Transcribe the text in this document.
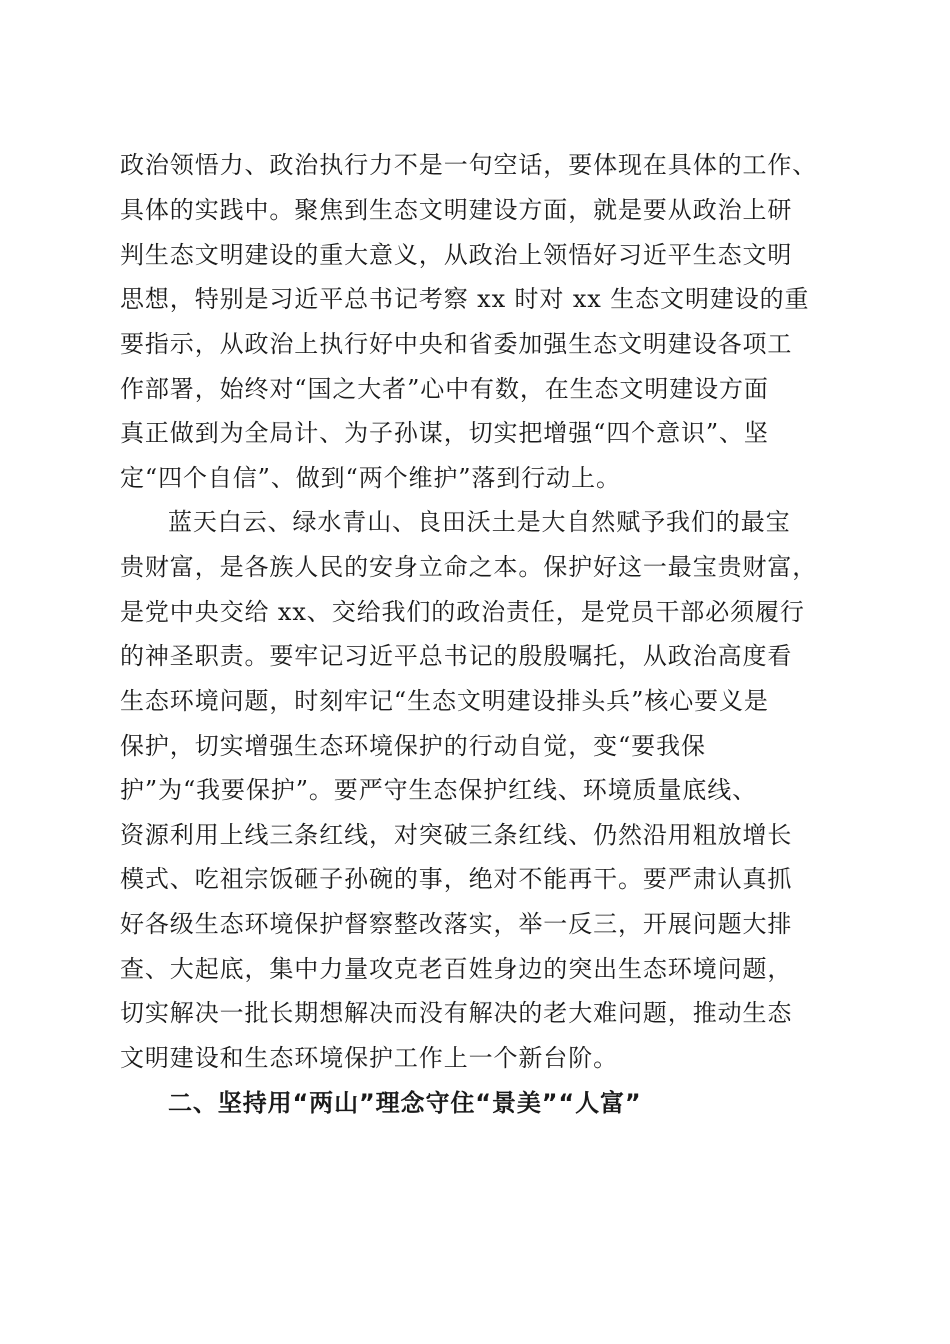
政治领悟力、政治执行力不是一句空话，要体现在具体的工作、
具体的实践中。聚焦到生态文明建设方面，就是要从政治上研
判生态文明建设的重大意义，从政治上领悟好习近平生态文明
思想，特别是习近平总书记考察 xx 时对 xx 生态文明建设的重
要指示，从政治上执行好中央和省委加强生态文明建设各项工
作部署，始终对“国之大者”心中有数，在生态文明建设方面
真正做到为全局计、为子孙谋，切实把增强“四个意识”、坚
定“四个自信”、做到“两个维护”落到行动上。
蓝天白云、绿水青山、良田沃土是大自然赋予我们的最宝
贵财富，是各族人民的安身立命之本。保护好这一最宝贵财富，
是党中央交给 xx、交给我们的政治责任，是党员干部必须履行
的神圣职责。要牢记习近平总书记的殷殷嘱托，从政治高度看
生态环境问题，时刻牢记“生态文明建设排头兵”核心要义是
保护，切实增强生态环境保护的行动自觉，变“要我保
护”为“我要保护”。要严守生态保护红线、环境质量底线、
资源利用上线三条红线，对突破三条红线、仍然沿用粗放增长
模式、吃祖宗饭砸子孙碗的事，绝对不能再干。要严肃认真抓
好各级生态环境保护督察整改落实，举一反三，开展问题大排
查、大起底，集中力量攻克老百姓身边的突出生态环境问题，
切实解决一批长期想解决而没有解决的老大难问题，推动生态
文明建设和生态环境保护工作上一个新台阶。
二、坚持用“两山”理念守住“景美”“人富”
